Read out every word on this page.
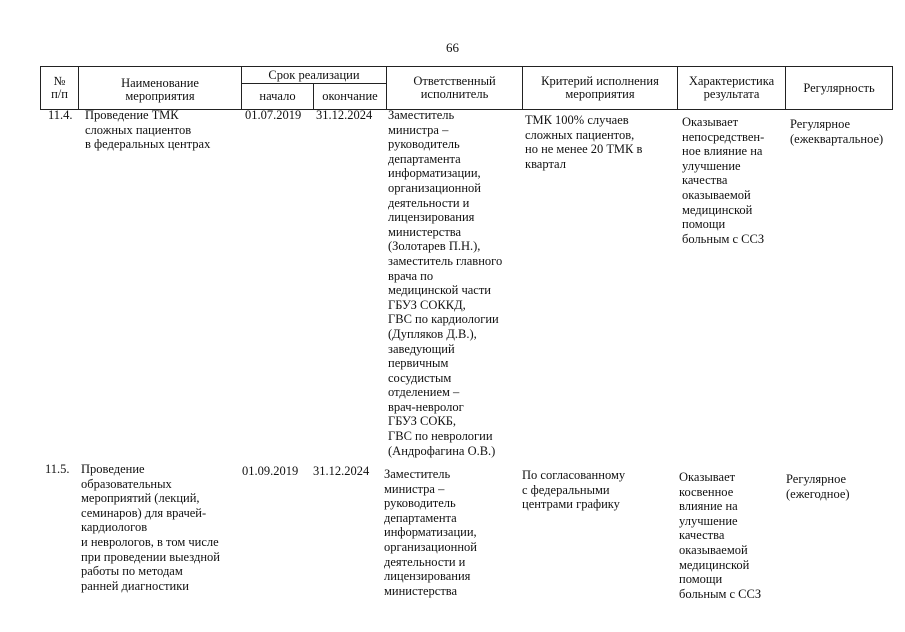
66
№
п/п
Наименование
мероприятия
Срок реализации
начало	окончание
Ответственный
исполнитель
Критерий исполнения
мероприятия
Характеристика
результата	Регулярность
11.4. Проведение ТМК
сложных пациентов
в федеральных центрах
01.07.2019 31.12.2024 Заместитель
министра –
руководитель
департамента
информатизации,
организационной
деятельности и
лицензирования
министерства
(Золотарев П.Н.),
заместитель главного
врача по
медицинской части
ГБУЗ СОККД,
ГВС по кардиологии
(Дупляков Д.В.),
заведующий
первичным
сосудистым
отделением –
врач-невролог
ГБУЗ СОКБ,
ГВС по неврологии
(Андрофагина О.В.)
ТМК 100% случаев
сложных пациентов,
но не менее 20 ТМК в
квартал
Оказывает
непосредствен-
ное влияние на
улучшение
качества
оказываемой
медицинской
помощи
больным с ССЗ
Регулярное
(ежеквартальное)
11.5. Проведение
образовательных
мероприятий (лекций,
семинаров) для врачей-
кардиологов
и неврологов, в том числе
при проведении выездной
работы по методам
ранней диагностики
01.09.2019 31.12.2024 Заместитель
министра –
руководитель
департамента
информатизации,
организационной
деятельности и
лицензирования
министерства
По согласованному
с федеральными
центрами графику
Оказывает
косвенное
влияние на
улучшение
качества
оказываемой
медицинской
помощи
больным с ССЗ
Регулярное
(ежегодное)
